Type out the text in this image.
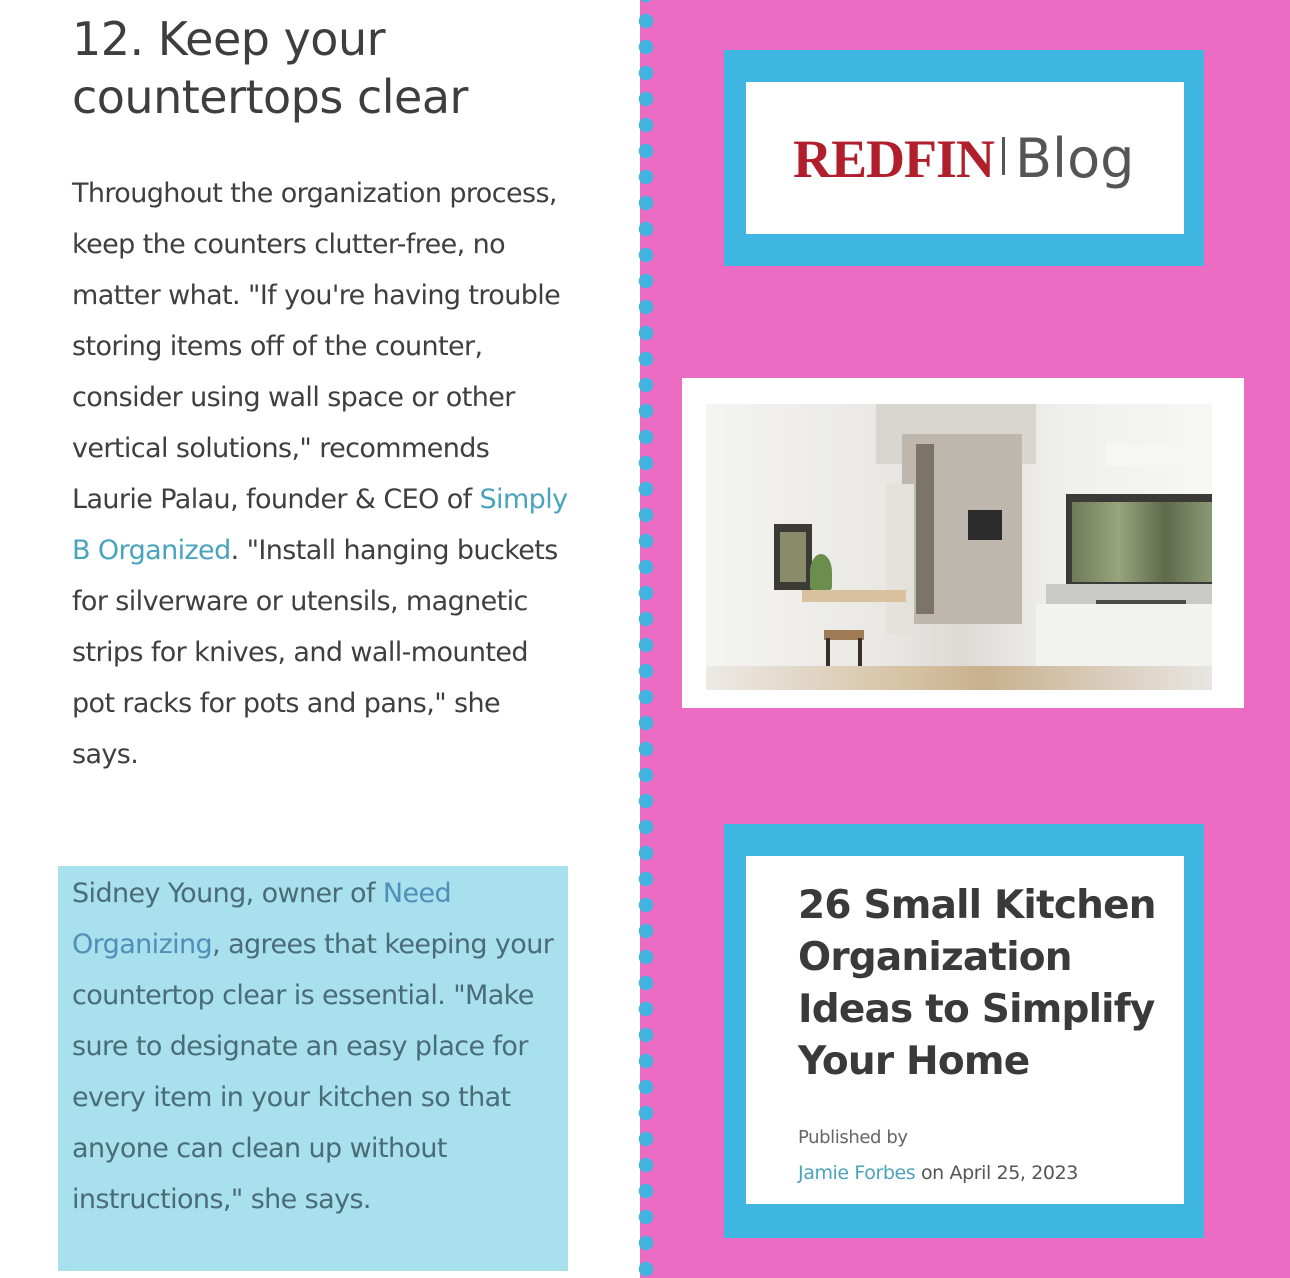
12. Keep your
countertops clear

Throughout the organization process, keep the counters clutter-free, no matter what. "If you're having trouble storing items off of the counter, consider using wall space or other vertical solutions," recommends Laurie Palau, founder & CEO of Simply B Organized. "Install hanging buckets for silverware or utensils, magnetic strips for knives, and wall-mounted pot racks for pots and pans," she says.

Sidney Young, owner of Need Organizing, agrees that keeping your countertop clear is essential. "Make sure to designate an easy place for every item in your kitchen so that anyone can clean up without instructions," she says.

REDFIN Blog
26 Small Kitchen Organization Ideas to Simplify Your Home
Published by
Jamie Forbes on April 25, 2023
